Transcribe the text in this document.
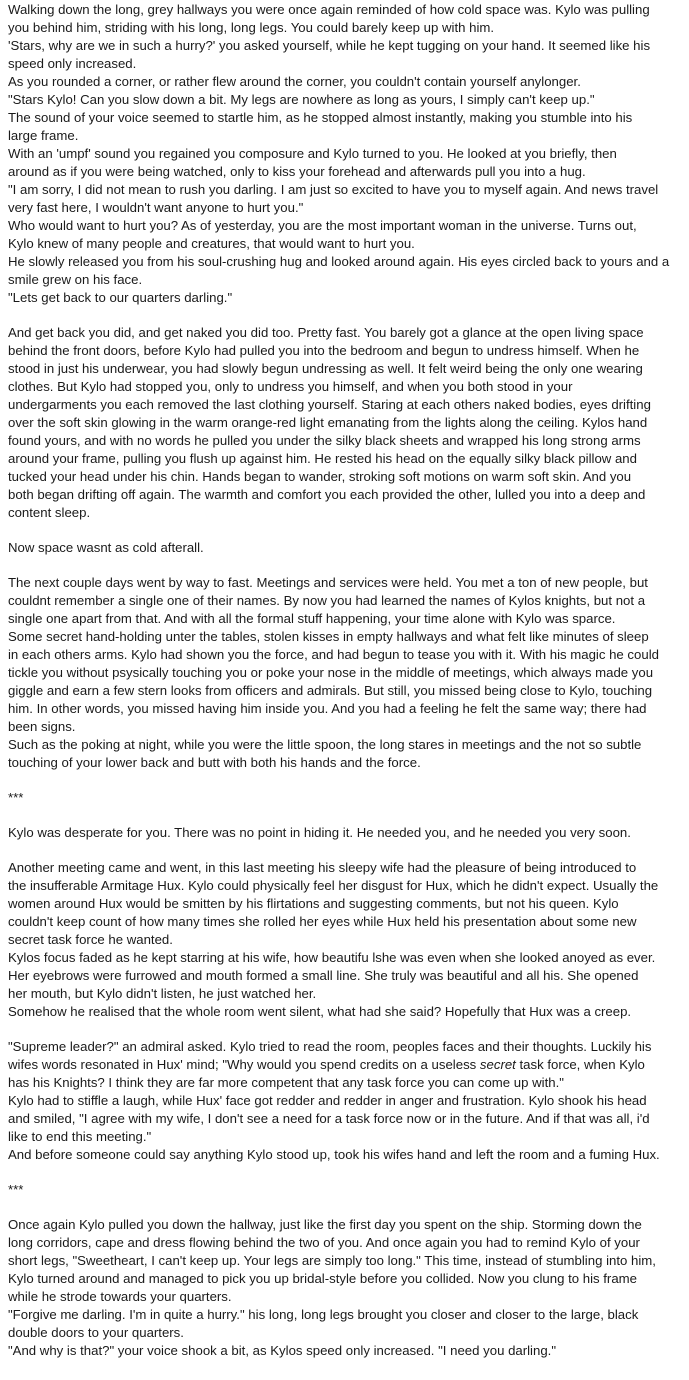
Walking down the long, grey hallways you were once again reminded of how cold space was. Kylo was pulling
you behind him, striding with his long, long legs. You could barely keep up with him.
'Stars, why are we in such a hurry?' you asked yourself, while he kept tugging on your hand. It seemed like his
speed only increased.
As you rounded a corner, or rather flew around the corner, you couldn't contain yourself anylonger.
"Stars Kylo! Can you slow down a bit. My legs are nowhere as long as yours, I simply can't keep up."
The sound of your voice seemed to startle him, as he stopped almost instantly, making you stumble into his
large frame.
With an 'umpf' sound you regained you composure and Kylo turned to you. He looked at you briefly, then
around as if you were being watched, only to kiss your forehead and afterwards pull you into a hug.
"I am sorry, I did not mean to rush you darling. I am just so excited to have you to myself again. And news travel
very fast here, I wouldn't want anyone to hurt you."
Who would want to hurt you? As of yesterday, you are the most important woman in the universe. Turns out,
Kylo knew of many people and creatures, that would want to hurt you.
He slowly released you from his soul-crushing hug and looked around again. His eyes circled back to yours and a
smile grew on his face.
"Lets get back to our quarters darling."
And get back you did, and get naked you did too. Pretty fast. You barely got a glance at the open living space
behind the front doors, before Kylo had pulled you into the bedroom and begun to undress himself. When he
stood in just his underwear, you had slowly begun undressing as well. It felt weird being the only one wearing
clothes. But Kylo had stopped you, only to undress you himself, and when you both stood in your
undergarments you each removed the last clothing yourself. Staring at each others naked bodies, eyes drifting
over the soft skin glowing in the warm orange-red light emanating from the lights along the ceiling. Kylos hand
found yours, and with no words he pulled you under the silky black sheets and wrapped his long strong arms
around your frame, pulling you flush up against him. He rested his head on the equally silky black pillow and
tucked your head under his chin. Hands began to wander, stroking soft motions on warm soft skin. And you
both began drifting off again. The warmth and comfort you each provided the other, lulled you into a deep and
content sleep.
Now space wasnt as cold afterall.
The next couple days went by way to fast. Meetings and services were held. You met a ton of new people, but
couldnt remember a single one of their names. By now you had learned the names of Kylos knights, but not a
single one apart from that. And with all the formal stuff happening, your time alone with Kylo was sparce.
Some secret hand-holding unter the tables, stolen kisses in empty hallways and what felt like minutes of sleep
in each others arms. Kylo had shown you the force, and had begun to tease you with it. With his magic he could
tickle you without psysically touching you or poke your nose in the middle of meetings, which always made you
giggle and earn a few stern looks from officers and admirals. But still, you missed being close to Kylo, touching
him. In other words, you missed having him inside you. And you had a feeling he felt the same way; there had
been signs.
Such as the poking at night, while you were the little spoon, the long stares in meetings and the not so subtle
touching of your lower back and butt with both his hands and the force.
***
Kylo was desperate for you. There was no point in hiding it. He needed you, and he needed you very soon.
Another meeting came and went, in this last meeting his sleepy wife had the pleasure of being introduced to
the insufferable Armitage Hux. Kylo could physically feel her disgust for Hux, which he didn't expect. Usually the
women around Hux would be smitten by his flirtations and suggesting comments, but not his queen. Kylo
couldn't keep count of how many times she rolled her eyes while Hux held his presentation about some new
secret task force he wanted.
Kylos focus faded as he kept starring at his wife, how beautifu lshe was even when she looked anoyed as ever.
Her eyebrows were furrowed and mouth formed a small line. She truly was beautiful and all his. She opened
her mouth, but Kylo didn't listen, he just watched her.
Somehow he realised that the whole room went silent, what had she said? Hopefully that Hux was a creep.
"Supreme leader?" an admiral asked. Kylo tried to read the room, peoples faces and their thoughts. Luckily his
wifes words resonated in Hux' mind; "Why would you spend credits on a useless secret task force, when Kylo
has his Knights? I think they are far more competent that any task force you can come up with."
Kylo had to stiffle a laugh, while Hux' face got redder and redder in anger and frustration. Kylo shook his head
and smiled, "I agree with my wife, I don't see a need for a task force now or in the future. And if that was all, i'd
like to end this meeting."
And before someone could say anything Kylo stood up, took his wifes hand and left the room and a fuming Hux.
***
Once again Kylo pulled you down the hallway, just like the first day you spent on the ship. Storming down the
long corridors, cape and dress flowing behind the two of you. And once again you had to remind Kylo of your
short legs, "Sweetheart, I can't keep up. Your legs are simply too long." This time, instead of stumbling into him,
Kylo turned around and managed to pick you up bridal-style before you collided. Now you clung to his frame
while he strode towards your quarters.
"Forgive me darling. I'm in quite a hurry." his long, long legs brought you closer and closer to the large, black
double doors to your quarters.
"And why is that?" your voice shook a bit, as Kylos speed only increased. "I need you darling."
